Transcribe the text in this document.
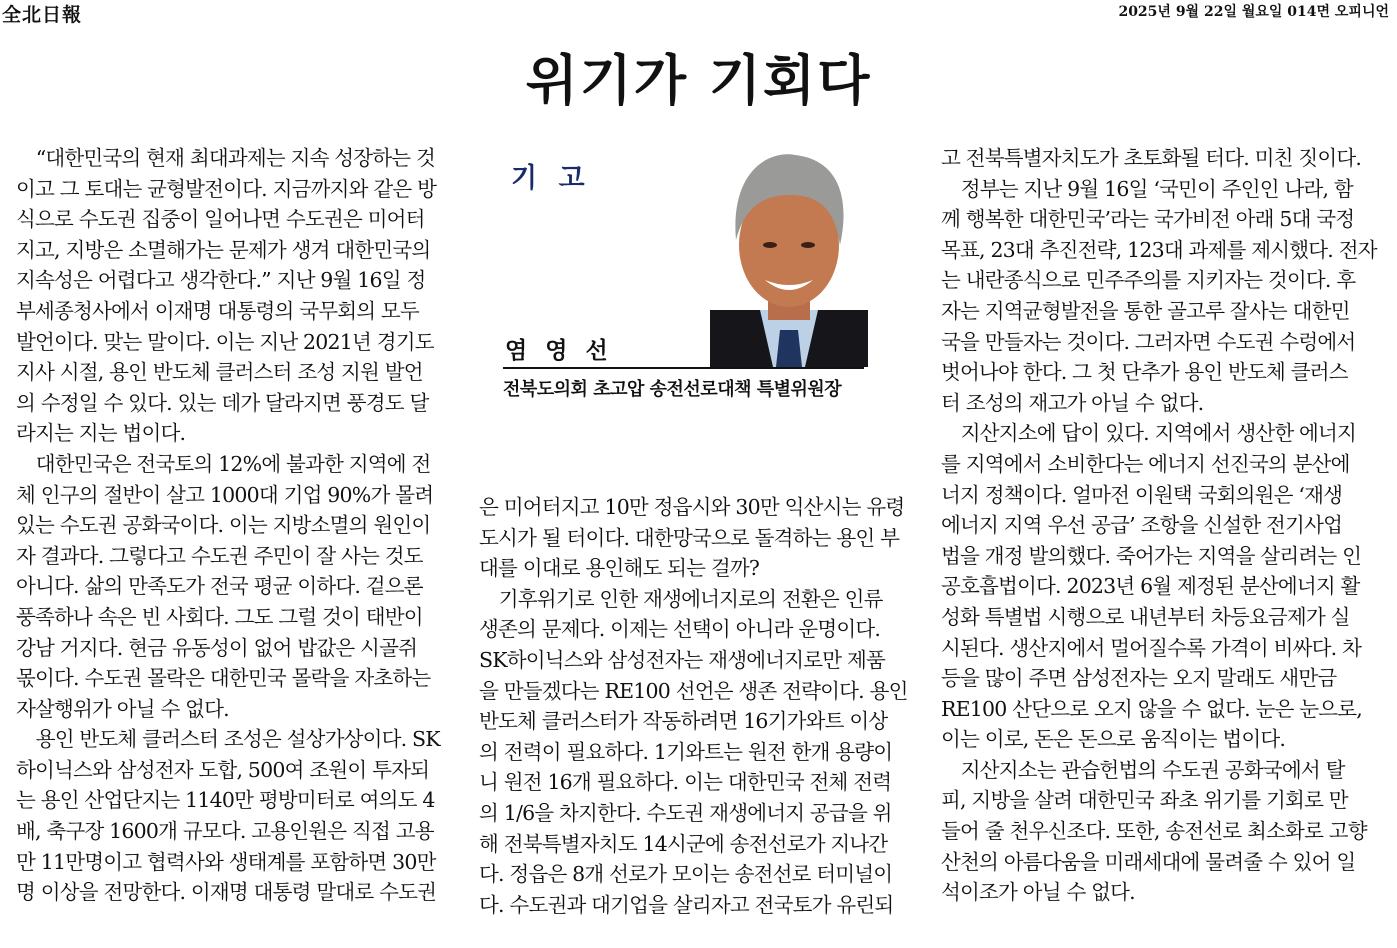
全北日報	2025년 9월 22일 월요일 014면 오피니언
위기가 기회다
　“대한민국의 현재 최대과제는 지속 성장하는 것
이고 그 토대는 균형발전이다. 지금까지와 같은 방
식으로 수도권 집중이 일어나면 수도권은 미어터
지고, 지방은 소멸해가는 문제가 생겨 대한민국의
지속성은 어렵다고 생각한다.” 지난 9월 16일 정
부세종청사에서 이재명 대통령의 국무회의 모두
발언이다. 맞는 말이다. 이는 지난 2021년 경기도
지사 시절, 용인 반도체 클러스터 조성 지원 발언
의 수정일 수 있다. 있는 데가 달라지면 풍경도 달
라지는 지는 법이다.
　대한민국은 전국토의 12%에 불과한 지역에 전
체 인구의 절반이 살고 1000대 기업 90%가 몰려
있는 수도권 공화국이다. 이는 지방소멸의 원인이
자 결과다. 그렇다고 수도권 주민이 잘 사는 것도
아니다. 삶의 만족도가 전국 평균 이하다. 겉으론
풍족하나 속은 빈 사회다. 그도 그럴 것이 태반이
강남 거지다. 현금 유동성이 없어 밥값은 시골쥐
몫이다. 수도권 몰락은 대한민국 몰락을 자초하는
자살행위가 아닐 수 없다.
　용인 반도체 클러스터 조성은 설상가상이다. SK
하이닉스와 삼성전자 도합, 500여 조원이 투자되
는 용인 산업단지는 1140만 평방미터로 여의도 4
배, 축구장 1600개 규모다. 고용인원은 직접 고용
만 11만명이고 협력사와 생태계를 포함하면 30만
명 이상을 전망한다. 이재명 대통령 말대로 수도권
은 미어터지고 10만 정읍시와 30만 익산시는 유령
도시가 될 터이다. 대한망국으로 돌격하는 용인 부
대를 이대로 용인해도 되는 걸까?
　기후위기로 인한 재생에너지로의 전환은 인류
생존의 문제다. 이제는 선택이 아니라 운명이다.
SK하이닉스와 삼성전자는 재생에너지로만 제품
을 만들겠다는 RE100 선언은 생존 전략이다. 용인
반도체 클러스터가 작동하려면 16기가와트 이상
의 전력이 필요하다. 1기와트는 원전 한개 용량이
니 원전 16개 필요하다. 이는 대한민국 전체 전력
의 1/6을 차지한다. 수도권 재생에너지 공급을 위
해 전북특별자치도 14시군에 송전선로가 지나간
다. 정읍은 8개 선로가 모이는 송전선로 터미널이
다. 수도권과 대기업을 살리자고 전국토가 유린되
고 전북특별자치도가 초토화될 터다. 미친 짓이다.
　정부는 지난 9월 16일 ‘국민이 주인인 나라, 함
께 행복한 대한민국’라는 국가비전 아래 5대 국정
목표, 23대 추진전략, 123대 과제를 제시했다. 전자
는 내란종식으로 민주주의를 지키자는 것이다. 후
자는 지역균형발전을 통한 골고루 잘사는 대한민
국을 만들자는 것이다. 그러자면 수도권 수렁에서
벗어나야 한다. 그 첫 단추가 용인 반도체 클러스
터 조성의 재고가 아닐 수 없다.
　지산지소에 답이 있다. 지역에서 생산한 에너지
를 지역에서 소비한다는 에너지 선진국의 분산에
너지 정책이다. 얼마전 이원택 국회의원은 ‘재생
에너지 지역 우선 공급’ 조항을 신설한 전기사업
법을 개정 발의했다. 죽어가는 지역을 살리려는 인
공호흡법이다. 2023년 6월 제정된 분산에너지 활
성화 특별법 시행으로 내년부터 차등요금제가 실
시된다. 생산지에서 멀어질수록 가격이 비싸다. 차
등을 많이 주면 삼성전자는 오지 말래도 새만금
RE100 산단으로 오지 않을 수 없다. 눈은 눈으로,
이는 이로, 돈은 돈으로 움직이는 법이다.
　지산지소는 관습헌법의 수도권 공화국에서 탈
피, 지방을 살려 대한민국 좌초 위기를 기회로 만
들어 줄 천우신조다. 또한, 송전선로 최소화로 고향
산천의 아름다움을 미래세대에 물려줄 수 있어 일
석이조가 아닐 수 없다.
기 고
염 영 선
전북도의회 초고압 송전선로대책 특별위원장
